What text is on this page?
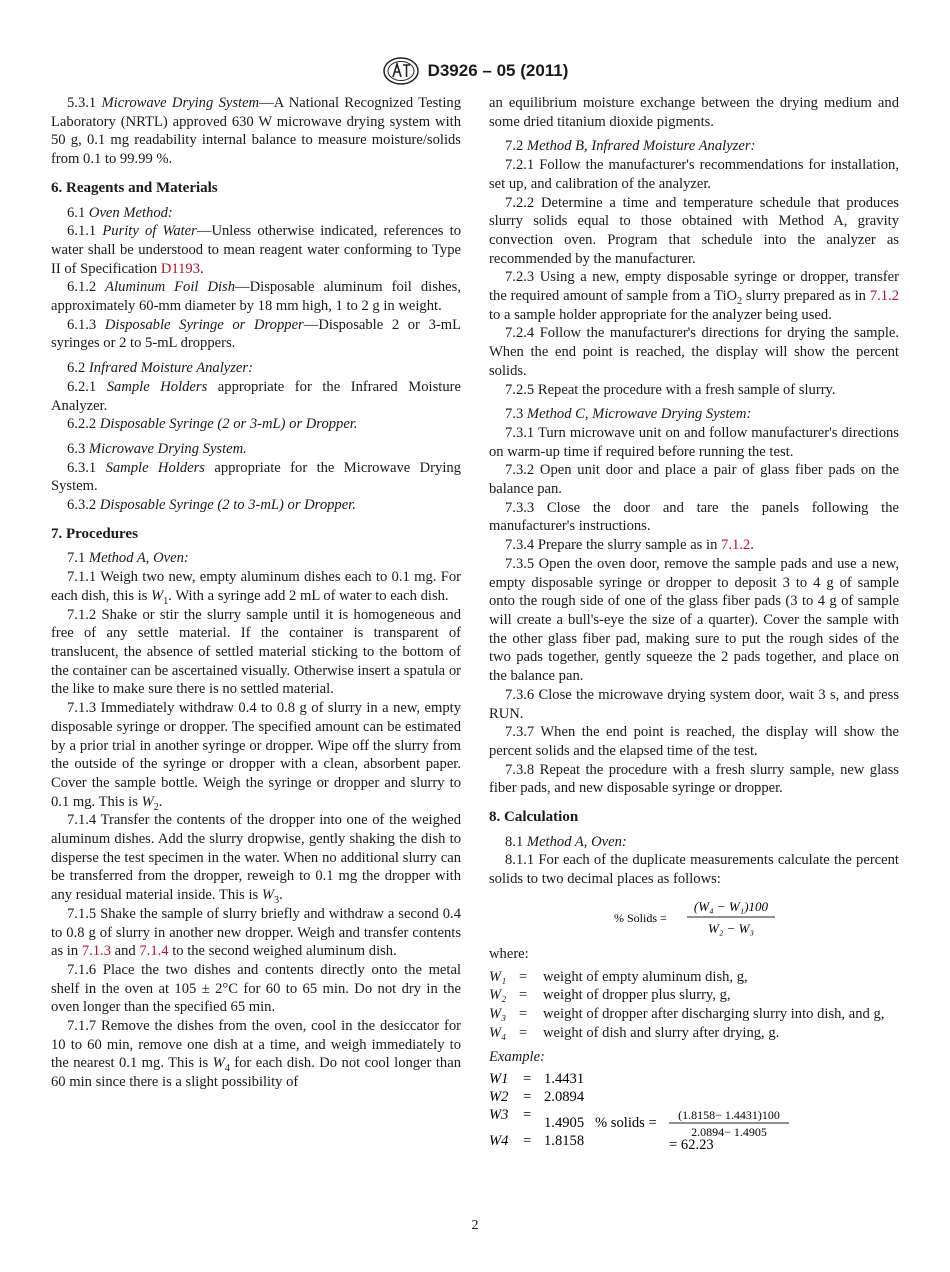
D3926 – 05 (2011)

5.3.1 Microwave Drying System—A National Recognized Testing Laboratory (NRTL) approved 630 W microwave drying system with 50 g, 0.1 mg readability internal balance to measure moisture/solids from 0.1 to 99.99 %.

6. Reagents and Materials

6.1 Oven Method:

6.1.1 Purity of Water—Unless otherwise indicated, references to water shall be understood to mean reagent water conforming to Type II of Specification D1193.

6.1.2 Aluminum Foil Dish—Disposable aluminum foil dishes, approximately 60-mm diameter by 18 mm high, 1 to 2 g in weight.

6.1.3 Disposable Syringe or Dropper—Disposable 2 or 3-mL syringes or 2 to 5-mL droppers.

6.2 Infrared Moisture Analyzer:

6.2.1 Sample Holders appropriate for the Infrared Moisture Analyzer.

6.2.2 Disposable Syringe (2 or 3-mL) or Dropper.

6.3 Microwave Drying System.

6.3.1 Sample Holders appropriate for the Microwave Drying System.

6.3.2 Disposable Syringe (2 to 3-mL) or Dropper.

7. Procedures

7.1 Method A, Oven:

7.1.1 Weigh two new, empty aluminum dishes each to 0.1 mg. For each dish, this is $W_1$. With a syringe add 2 mL of water to each dish.

7.1.2 Shake or stir the slurry sample until it is homogeneous and free of any settle material. If the container is transparent of translucent, the absence of settled material sticking to the bottom of the container can be ascertained visually. Otherwise insert a spatula or the like to make sure there is no settled material.

7.1.3 Immediately withdraw 0.4 to 0.8 g of slurry in a new, empty disposable syringe or dropper. The specified amount can be estimated by a prior trial in another syringe or dropper. Wipe off the slurry from the outside of the syringe or dropper with a clean, absorbent paper. Cover the sample bottle. Weigh the syringe or dropper and slurry to 0.1 mg. This is $W_2$.

7.1.4 Transfer the contents of the dropper into one of the weighed aluminum dishes. Add the slurry dropwise, gently shaking the dish to disperse the test specimen in the water. When no additional slurry can be transferred from the dropper, reweigh to 0.1 mg the dropper with any residual material inside. This is $W_3$.

7.1.5 Shake the sample of slurry briefly and withdraw a second 0.4 to 0.8 g of slurry in another new dropper. Weigh and transfer contents as in 7.1.3 and 7.1.4 to the second weighed aluminum dish.

7.1.6 Place the two dishes and contents directly onto the metal shelf in the oven at 105 ± 2°C for 60 to 65 min. Do not dry in the oven longer than the specified 65 min.

7.1.7 Remove the dishes from the oven, cool in the desiccator for 10 to 60 min, remove one dish at a time, and weigh immediately to the nearest 0.1 mg. This is $W_4$ for each dish. Do not cool longer than 60 min since there is a slight possibility of

an equilibrium moisture exchange between the drying medium and some dried titanium dioxide pigments.

7.2 Method B, Infrared Moisture Analyzer:

7.2.1 Follow the manufacturer's recommendations for installation, set up, and calibration of the analyzer.

7.2.2 Determine a time and temperature schedule that produces slurry solids equal to those obtained with Method A, gravity convection oven. Program that schedule into the analyzer as recommended by the manufacturer.

7.2.3 Using a new, empty disposable syringe or dropper, transfer the required amount of sample from a TiO$_2$ slurry prepared as in 7.1.2 to a sample holder appropriate for the analyzer being used.

7.2.4 Follow the manufacturer's directions for drying the sample. When the end point is reached, the display will show the percent solids.

7.2.5 Repeat the procedure with a fresh sample of slurry.

7.3 Method C, Microwave Drying System:

7.3.1 Turn microwave unit on and follow manufacturer's directions on warm-up time if required before running the test.

7.3.2 Open unit door and place a pair of glass fiber pads on the balance pan.

7.3.3 Close the door and tare the panels following the manufacturer's instructions.

7.3.4 Prepare the slurry sample as in 7.1.2.

7.3.5 Open the oven door, remove the sample pads and use a new, empty disposable syringe or dropper to deposit 3 to 4 g of sample onto the rough side of one of the glass fiber pads (3 to 4 g of sample will create a bull's-eye the size of a quarter). Cover the sample with the other glass fiber pad, making sure to put the rough sides of the two pads together, gently squeeze the 2 pads together, and place on the balance pan.

7.3.6 Close the microwave drying system door, wait 3 s, and press RUN.

7.3.7 When the end point is reached, the display will show the percent solids and the elapsed time of the test.

7.3.8 Repeat the procedure with a fresh slurry sample, new glass fiber pads, and new disposable syringe or dropper.

8. Calculation

8.1 Method A, Oven:

8.1.1 For each of the duplicate measurements calculate the percent solids to two decimal places as follows:

% Solids =
(W₄ − W₁)100
W₂ − W₃

where:

W₁ =	weight of empty aluminum dish, g,
W₂ =	weight of dropper plus slurry, g,
W₃ =	weight of dropper after discharging slurry into dish, and g,
W₄ =	weight of dish and slurry after drying, g.

Example:

W1 = 1.4431
W2 = 2.0894
W3 = 1.4905
W4 = 1.8158
% solids = (1.8158− 1.4431)100
2.0894− 1.4905
= 62.23
2
